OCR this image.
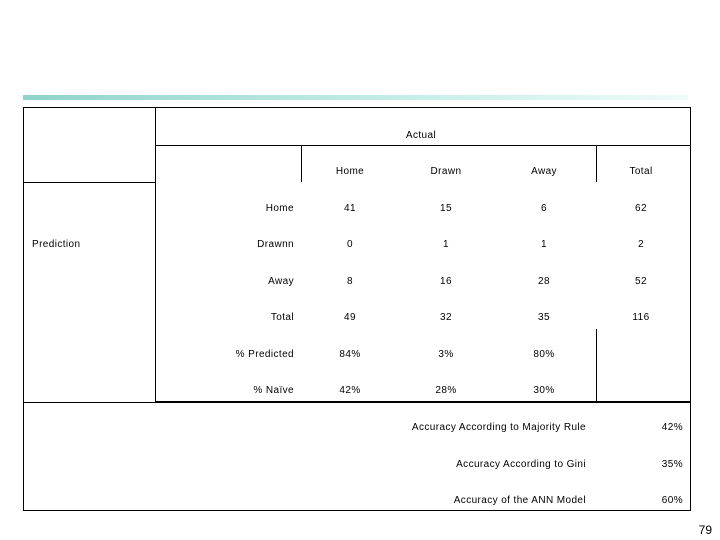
Actual
Prediction
Home	Drawn	Away	Total
Home	41	15	6	62
Drawnn	0	1	1	2
Away	8	16	28	52
Total	49	32	35	116
% Predicted	84%	3%	80%
% Naïve	42%	28%	30%
Accuracy According to Majority Rule	42%
Accuracy According to Gini	35%
Accuracy of the ANN Model	60%
79
